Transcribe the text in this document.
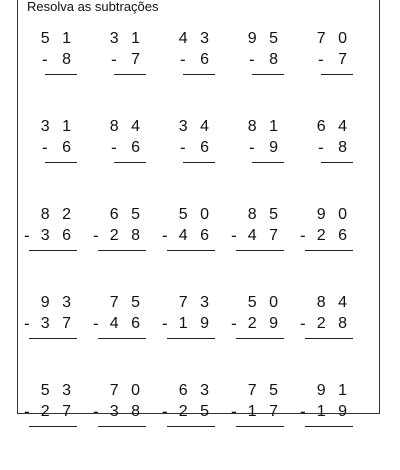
Resolva as subtrações
5 1
- 8
3 1
- 7
4 3
- 6
9 5
- 8
7 0
- 7
3 1
- 6
8 4
- 6
3 4
- 6
8 1
- 9
6 4
- 8
8 2
- 3 6
6 5
- 2 8
5 0
- 4 6
8 5
- 4 7
9 0
- 2 6
9 3
- 3 7
7 5
- 4 6
7 3
- 1 9
5 0
- 2 9
8 4
- 2 8
5 3
- 2 7
7 0
- 3 8
6 3
- 2 5
7 5
- 1 7
9 1
- 1 9
